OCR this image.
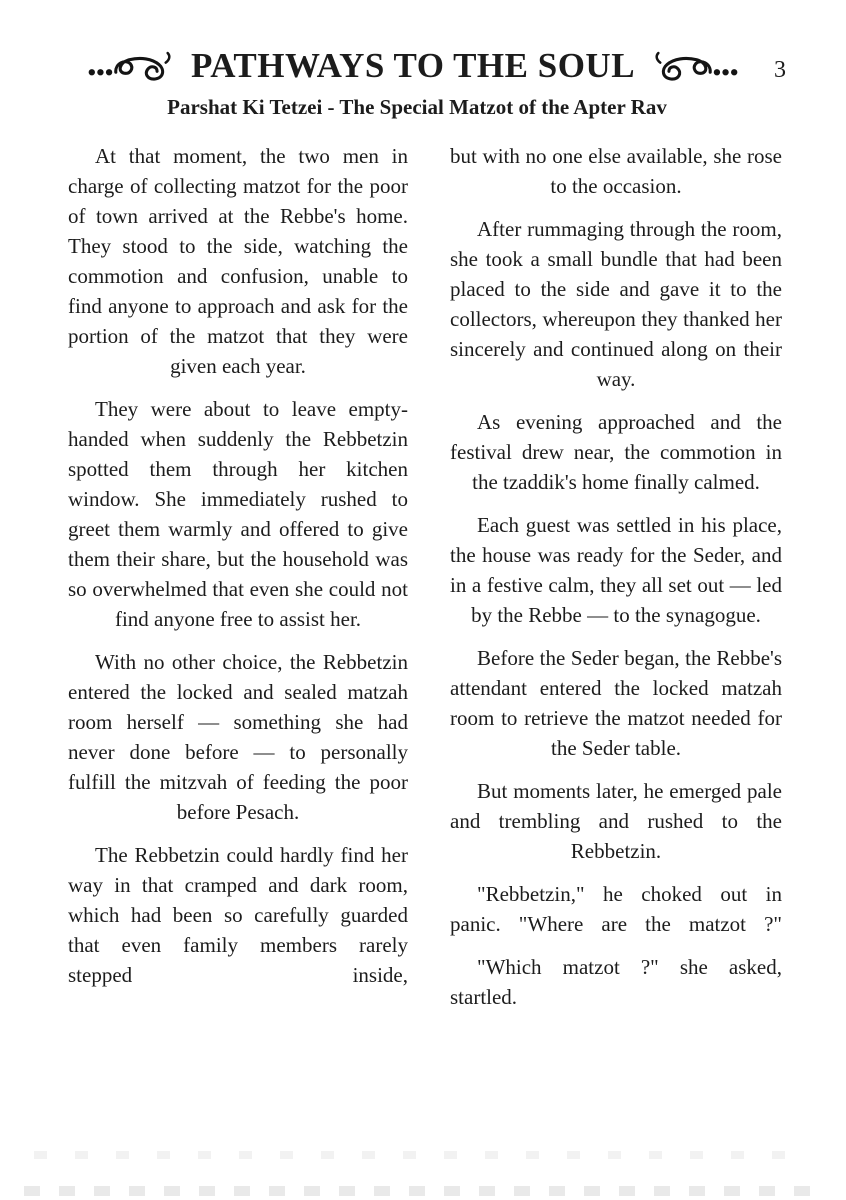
PATHWAYS TO THE SOUL	3
Parshat Ki Tetzei - The Special Matzot of the Apter Rav

At that moment, the two men in charge of collecting matzot for the poor of town arrived at the Rebbe's home. They stood to the side, watching the commotion and confusion, unable to find anyone to approach and ask for the portion of the matzot that they were given each year.

They were about to leave empty-handed when suddenly the Rebbetzin spotted them through her kitchen window. She immediately rushed to greet them warmly and offered to give them their share, but the household was so overwhelmed that even she could not find anyone free to assist her.

With no other choice, the Rebbetzin entered the locked and sealed matzah room herself — something she had never done before — to personally fulfill the mitzvah of feeding the poor before Pesach.

The Rebbetzin could hardly find her way in that cramped and dark room, which had been so carefully guarded that even family members rarely stepped inside,

but with no one else available, she rose to the occasion.

After rummaging through the room, she took a small bundle that had been placed to the side and gave it to the collectors, whereupon they thanked her sincerely and continued along on their way.

As evening approached and the festival drew near, the commotion in the tzaddik's home finally calmed.

Each guest was settled in his place, the house was ready for the Seder, and in a festive calm, they all set out — led by the Rebbe — to the synagogue.

Before the Seder began, the Rebbe's attendant entered the locked matzah room to retrieve the matzot needed for the Seder table.

But moments later, he emerged pale and trembling and rushed to the Rebbetzin.

"Rebbetzin," he choked out in panic. "Where are the matzot ?"

"Which matzot ?" she asked, startled.
